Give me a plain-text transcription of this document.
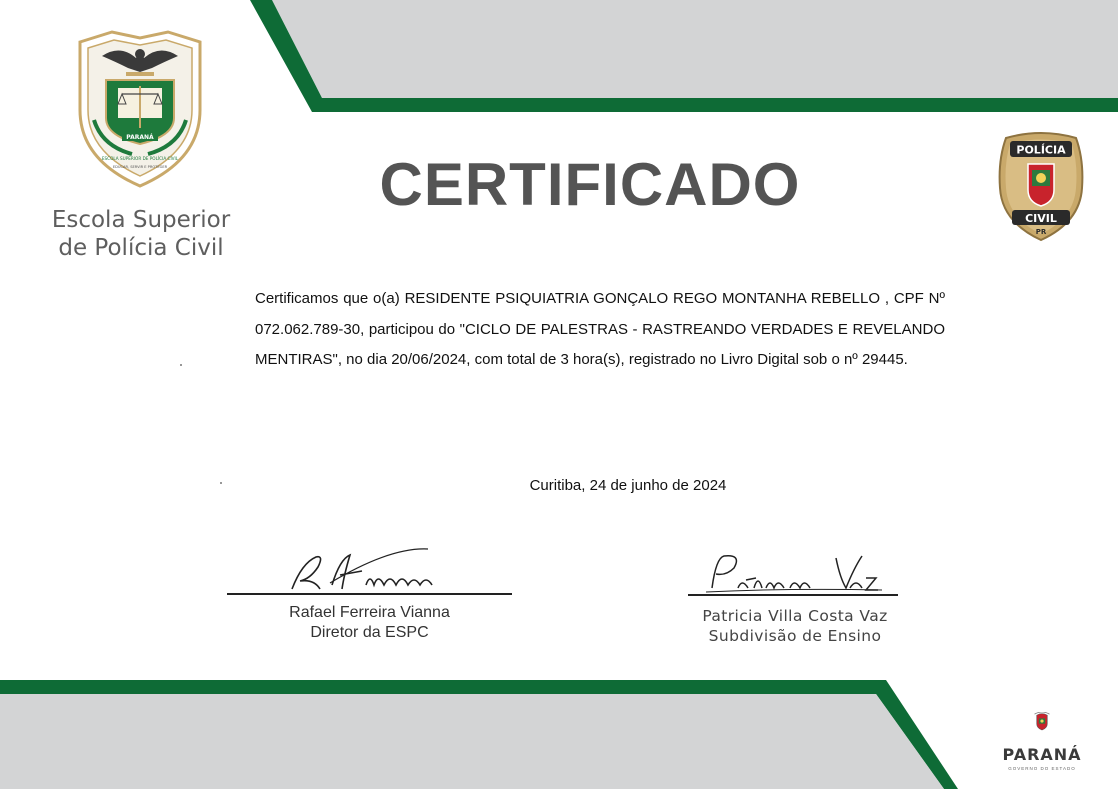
PARANÁ
ESCOLA SUPERIOR DE POLÍCIA CIVIL
EDUCAR, SERVIR E PROTEGER
Escola Superior
de Polícia Civil
POLÍCIA
CIVIL
PR
CERTIFICADO
Certificamos que o(a) RESIDENTE PSIQUIATRIA GONÇALO REGO MONTANHA REBELLO , CPF Nº 072.062.789-30, participou do "CICLO DE PALESTRAS - RASTREANDO VERDADES E REVELANDO MENTIRAS", no dia 20/06/2024, com total de 3 hora(s), registrado no Livro Digital sob o nº 29445.
Curitiba, 24 de junho de 2024
Rafael Ferreira Vianna
Diretor da ESPC
Patricia Villa Costa Vaz
Subdivisão de Ensino
PARANÁ
GOVERNO DO ESTADO
